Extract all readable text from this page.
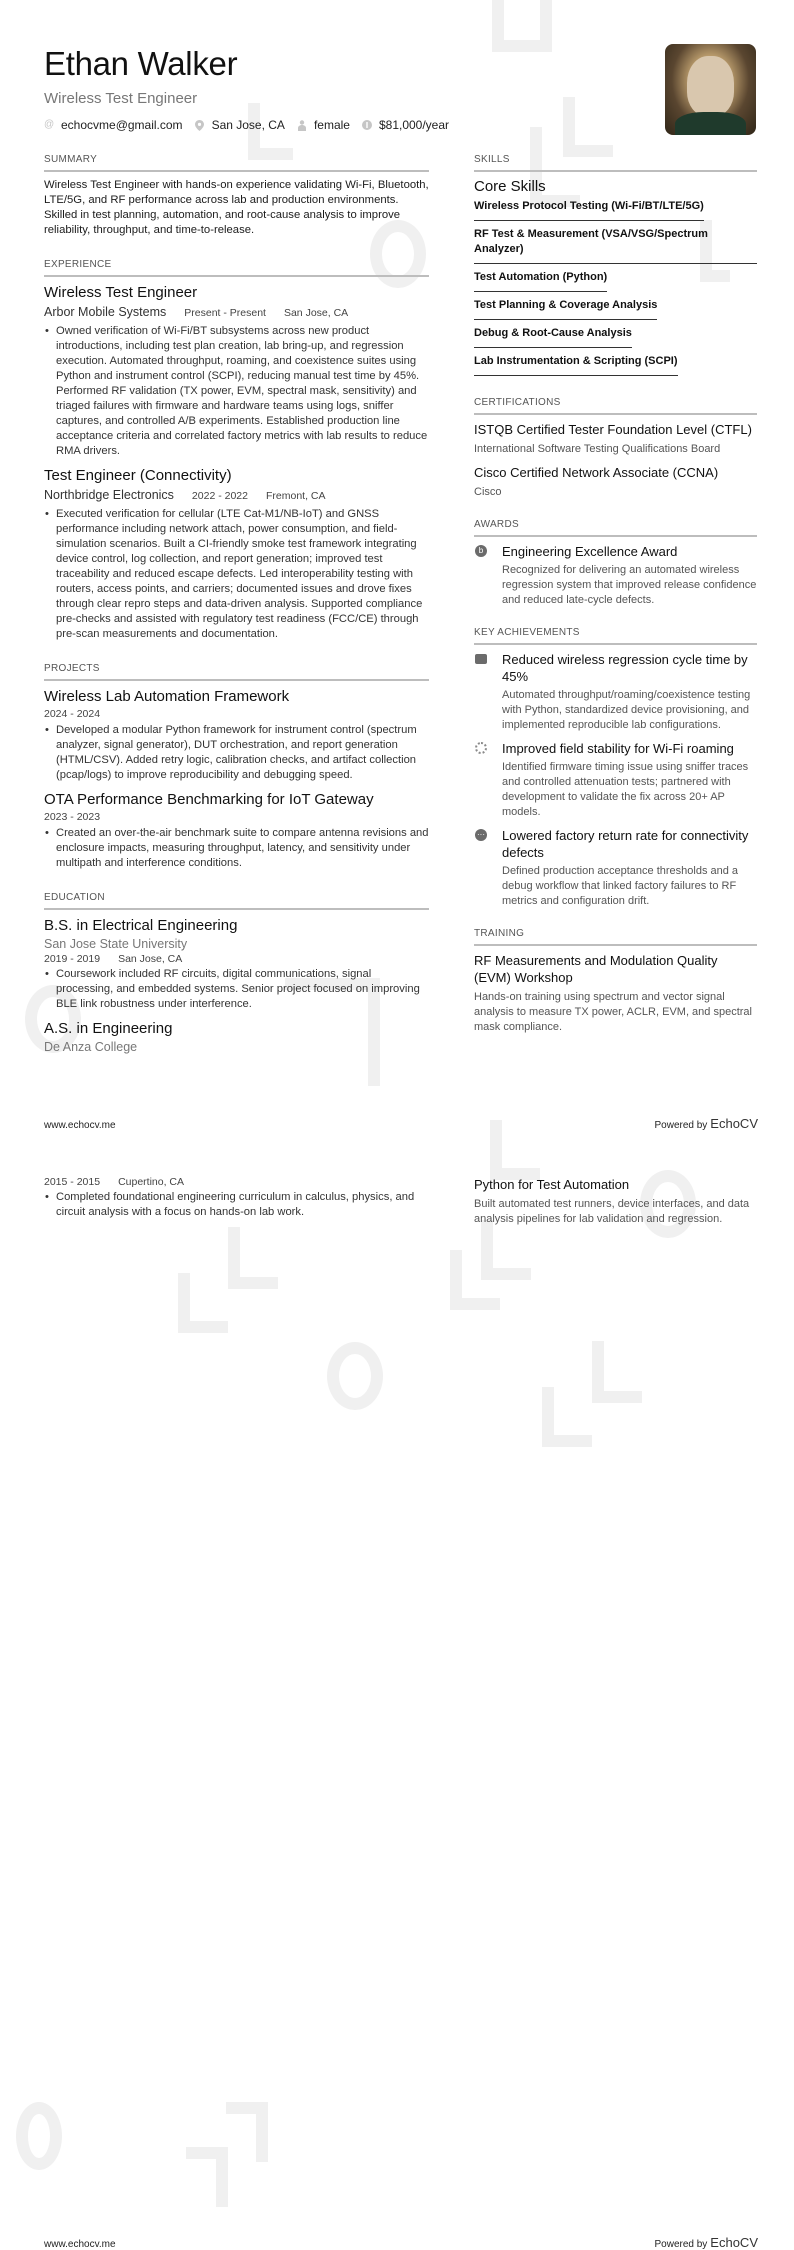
Ethan Walker
Wireless Test Engineer
@ echocvme@gmail.com San Jose, CA female $81,000/year
SUMMARY
Wireless Test Engineer with hands-on experience validating Wi-Fi, Bluetooth, LTE/5G, and RF performance across lab and production environments. Skilled in test planning, automation, and root-cause analysis to improve reliability, throughput, and time-to-release.
EXPERIENCE
Wireless Test Engineer
Arbor Mobile Systems Present - Present San Jose, CA
• Owned verification of Wi-Fi/BT subsystems across new product introductions, including test plan creation, lab bring-up, and regression execution. Automated throughput, roaming, and coexistence suites using Python and instrument control (SCPI), reducing manual test time by 45%. Performed RF validation (TX power, EVM, spectral mask, sensitivity) and triaged failures with firmware and hardware teams using logs, sniffer captures, and controlled A/B experiments. Established production line acceptance criteria and correlated factory metrics with lab results to reduce RMA drivers.
Test Engineer (Connectivity)
Northbridge Electronics 2022 - 2022 Fremont, CA
• Executed verification for cellular (LTE Cat-M1/NB-IoT) and GNSS performance including network attach, power consumption, and field-simulation scenarios. Built a CI-friendly smoke test framework integrating device control, log collection, and report generation; improved test traceability and reduced escape defects. Led interoperability testing with routers, access points, and carriers; documented issues and drove fixes through clear repro steps and data-driven analysis. Supported compliance pre-checks and assisted with regulatory test readiness (FCC/CE) through pre-scan measurements and documentation.
PROJECTS
Wireless Lab Automation Framework
2024 - 2024
• Developed a modular Python framework for instrument control (spectrum analyzer, signal generator), DUT orchestration, and report generation (HTML/CSV). Added retry logic, calibration checks, and artifact collection (pcap/logs) to improve reproducibility and debugging speed.
OTA Performance Benchmarking for IoT Gateway
2023 - 2023
• Created an over-the-air benchmark suite to compare antenna revisions and enclosure impacts, measuring throughput, latency, and sensitivity under multipath and interference conditions.
EDUCATION
B.S. in Electrical Engineering
San Jose State University
2019 - 2019 San Jose, CA
• Coursework included RF circuits, digital communications, signal processing, and embedded systems. Senior project focused on improving BLE link robustness under interference.
A.S. in Engineering
De Anza College
SKILLS
Core Skills
Wireless Protocol Testing (Wi-Fi/BT/LTE/5G)
RF Test & Measurement (VSA/VSG/Spectrum Analyzer)
Test Automation (Python)
Test Planning & Coverage Analysis
Debug & Root-Cause Analysis
Lab Instrumentation & Scripting (SCPI)
CERTIFICATIONS
ISTQB Certified Tester Foundation Level (CTFL)
International Software Testing Qualifications Board
Cisco Certified Network Associate (CCNA)
Cisco
AWARDS
b Engineering Excellence Award
Recognized for delivering an automated wireless regression system that improved release confidence and reduced late-cycle defects.
KEY ACHIEVEMENTS
Reduced wireless regression cycle time by 45%
Automated throughput/roaming/coexistence testing with Python, standardized device provisioning, and implemented reproducible lab configurations.
Improved field stability for Wi-Fi roaming
Identified firmware timing issue using sniffer traces and controlled attenuation tests; partnered with development to validate the fix across 20+ AP models.
··· Lowered factory return rate for connectivity defects
Defined production acceptance thresholds and a debug workflow that linked factory failures to RF metrics and configuration drift.
TRAINING
RF Measurements and Modulation Quality (EVM) Workshop
Hands-on training using spectrum and vector signal analysis to measure TX power, ACLR, EVM, and spectral mask compliance.
www.echocv.me	Powered by EchoCV
2015 - 2015 Cupertino, CA
• Completed foundational engineering curriculum in calculus, physics, and circuit analysis with a focus on hands-on lab work.
Python for Test Automation
Built automated test runners, device interfaces, and data analysis pipelines for lab validation and regression.
www.echocv.me	Powered by EchoCV
